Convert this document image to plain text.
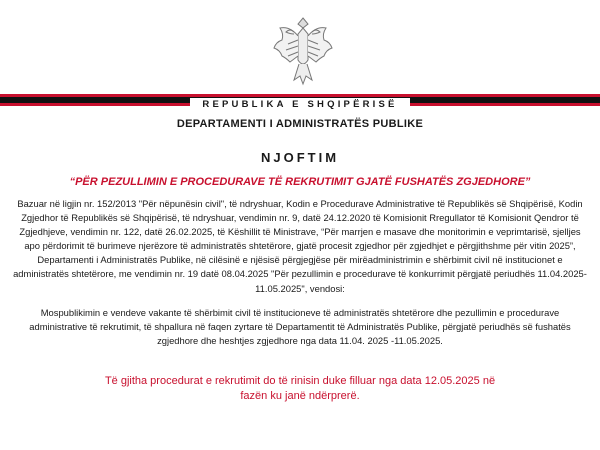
REPUBLIKA E SHQIPËRISË
DEPARTAMENTI I ADMINISTRATËS PUBLIKE
NJOFTIM
“PËR PEZULLIMIN E PROCEDURAVE TË REKRUTIMIT GJATË FUSHATËS ZGJEDHORE”

Bazuar në ligjin nr. 152/2013 "Për nëpunësin civil", të ndryshuar, Kodin e Procedurave Administrative të Republikës së Shqipërisë, Kodin Zgjedhor të Republikës së Shqipërisë, të ndryshuar, vendimin nr. 9, datë 24.12.2020 të Komisionit Rregullator të Komisionit Qendror të Zgjedhjeve, vendimin nr. 122, datë 26.02.2025, të Këshillit të Ministrave, “Për marrjen e masave dhe monitorimin e veprimtarisë, sjelljes apo përdorimit të burimeve njerëzore të administratës shtetërore, gjatë procesit zgjedhor për zgjedhjet e përgjithshme për vitin 2025”, Departamenti i Administratës Publike, në cilësinë e njësisë përgjegjëse për mirëadministrimin e shërbimit civil në institucionet e administratës shtetërore, me vendimin nr. 19 datë 08.04.2025 "Për pezullimin e procedurave të konkurrimit përgjatë periudhës 11.04.2025-11.05.2025", vendosi:

Mospublikimin e vendeve vakante të shërbimit civil të institucioneve të administratës shtetërore dhe pezullimin e procedurave administrative të rekrutimit, të shpallura në faqen zyrtare të Departamentit të Administratës Publike, përgjatë periudhës së fushatës zgjedhore dhe heshtjes zgjedhore nga data 11.04. 2025 -11.05.2025.

Të gjitha procedurat e rekrutimit do të rinisin duke filluar nga data 12.05.2025 në fazën ku janë ndërprerë.
